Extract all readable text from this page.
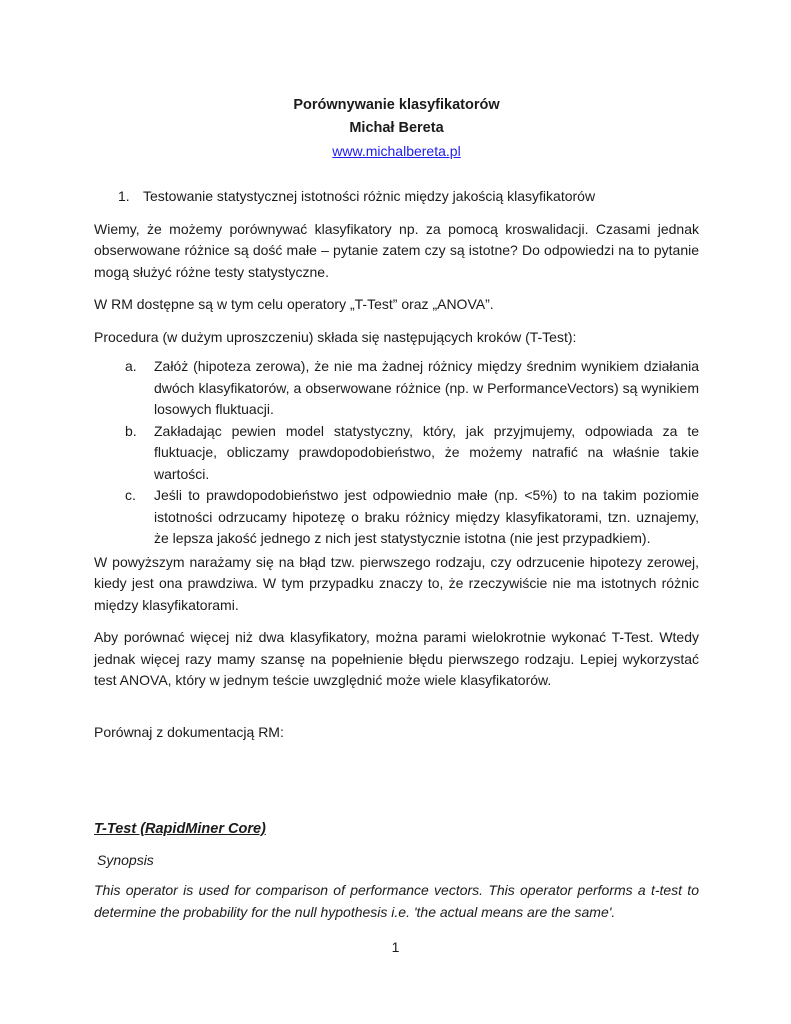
Porównywanie klasyfikatorów

Michał Bereta

www.michalbereta.pl

1. Testowanie statystycznej istotności różnic między jakością klasyfikatorów

Wiemy, że możemy porównywać klasyfikatory np. za pomocą kroswalidacji. Czasami jednak obserwowane różnice są dość małe – pytanie zatem czy są istotne? Do odpowiedzi na to pytanie mogą służyć różne testy statystyczne.

W RM dostępne są w tym celu operatory „T-Test” oraz „ANOVA”.

Procedura (w dużym uproszczeniu) składa się następujących kroków (T-Test):

a. Załóż (hipoteza zerowa), że nie ma żadnej różnicy między średnim wynikiem działania dwóch klasyfikatorów, a obserwowane różnice (np. w PerformanceVectors) są wynikiem losowych fluktuacji.
b. Zakładając pewien model statystyczny, który, jak przyjmujemy, odpowiada za te fluktuacje, obliczamy prawdopodobieństwo, że możemy natrafić na właśnie takie wartości.
c. Jeśli to prawdopodobieństwo jest odpowiednio małe (np. <5%) to na takim poziomie istotności odrzucamy hipotezę o braku różnicy między klasyfikatorami, tzn. uznajemy, że lepsza jakość jednego z nich jest statystycznie istotna (nie jest przypadkiem).

W powyższym narażamy się na błąd tzw. pierwszego rodzaju, czy odrzucenie hipotezy zerowej, kiedy jest ona prawdziwa. W tym przypadku znaczy to, że rzeczywiście nie ma istotnych różnic między klasyfikatorami.

Aby porównać więcej niż dwa klasyfikatory, można parami wielokrotnie wykonać T-Test. Wtedy jednak więcej razy mamy szansę na popełnienie błędu pierwszego rodzaju. Lepiej wykorzystać test ANOVA, który w jednym teście uwzględnić może wiele klasyfikatorów.

Porównaj z dokumentacją RM:

T-Test (RapidMiner Core)

Synopsis

This operator is used for comparison of performance vectors. This operator performs a t-test to determine the probability for the null hypothesis i.e. 'the actual means are the same'.

1
